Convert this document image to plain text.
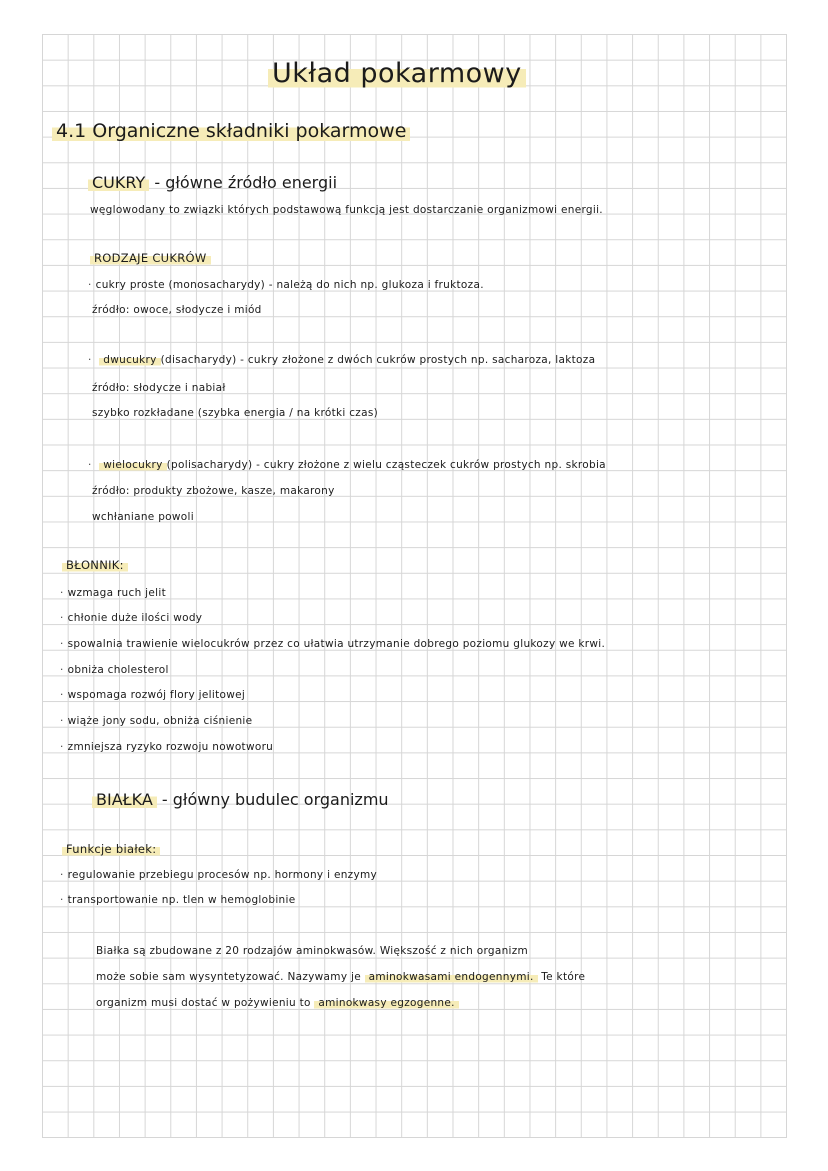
Układ pokarmowy
4.1 Organiczne składniki pokarmowe
CUKRY - główne źródło energii
węglowodany to związki których podstawową funkcją jest dostarczanie organizmowi energii.
RODZAJE CUKRÓW
· cukry proste (monosacharydy) - należą do nich np. glukoza i fruktoza.
źródło: owoce, słodycze i miód
· dwucukry (disacharydy) - cukry złożone z dwóch cukrów prostych np. sacharoza, laktoza
źródło: słodycze i nabiał
szybko rozkładane (szybka energia / na krótki czas)
· wielocukry (polisacharydy) - cukry złożone z wielu cząsteczek cukrów prostych np. skrobia
źródło: produkty zbożowe, kasze, makarony
wchłaniane powoli
BŁONNIK:
· wzmaga ruch jelit
· chłonie duże ilości wody
· spowalnia trawienie wielocukrów przez co ułatwia utrzymanie dobrego poziomu glukozy we krwi.
· obniża cholesterol
· wspomaga rozwój flory jelitowej
· wiąże jony sodu, obniża ciśnienie
· zmniejsza ryzyko rozwoju nowotworu
BIAŁKA - główny budulec organizmu
Funkcje białek:
· regulowanie przebiegu procesów np. hormony i enzymy
· transportowanie np. tlen w hemoglobinie
Białka są zbudowane z 20 rodzajów aminokwasów. Większość z nich organizm
może sobie sam wysyntetyzować. Nazywamy je aminokwasami endogennymi. Te które
organizm musi dostać w pożywieniu to aminokwasy egzogenne.
